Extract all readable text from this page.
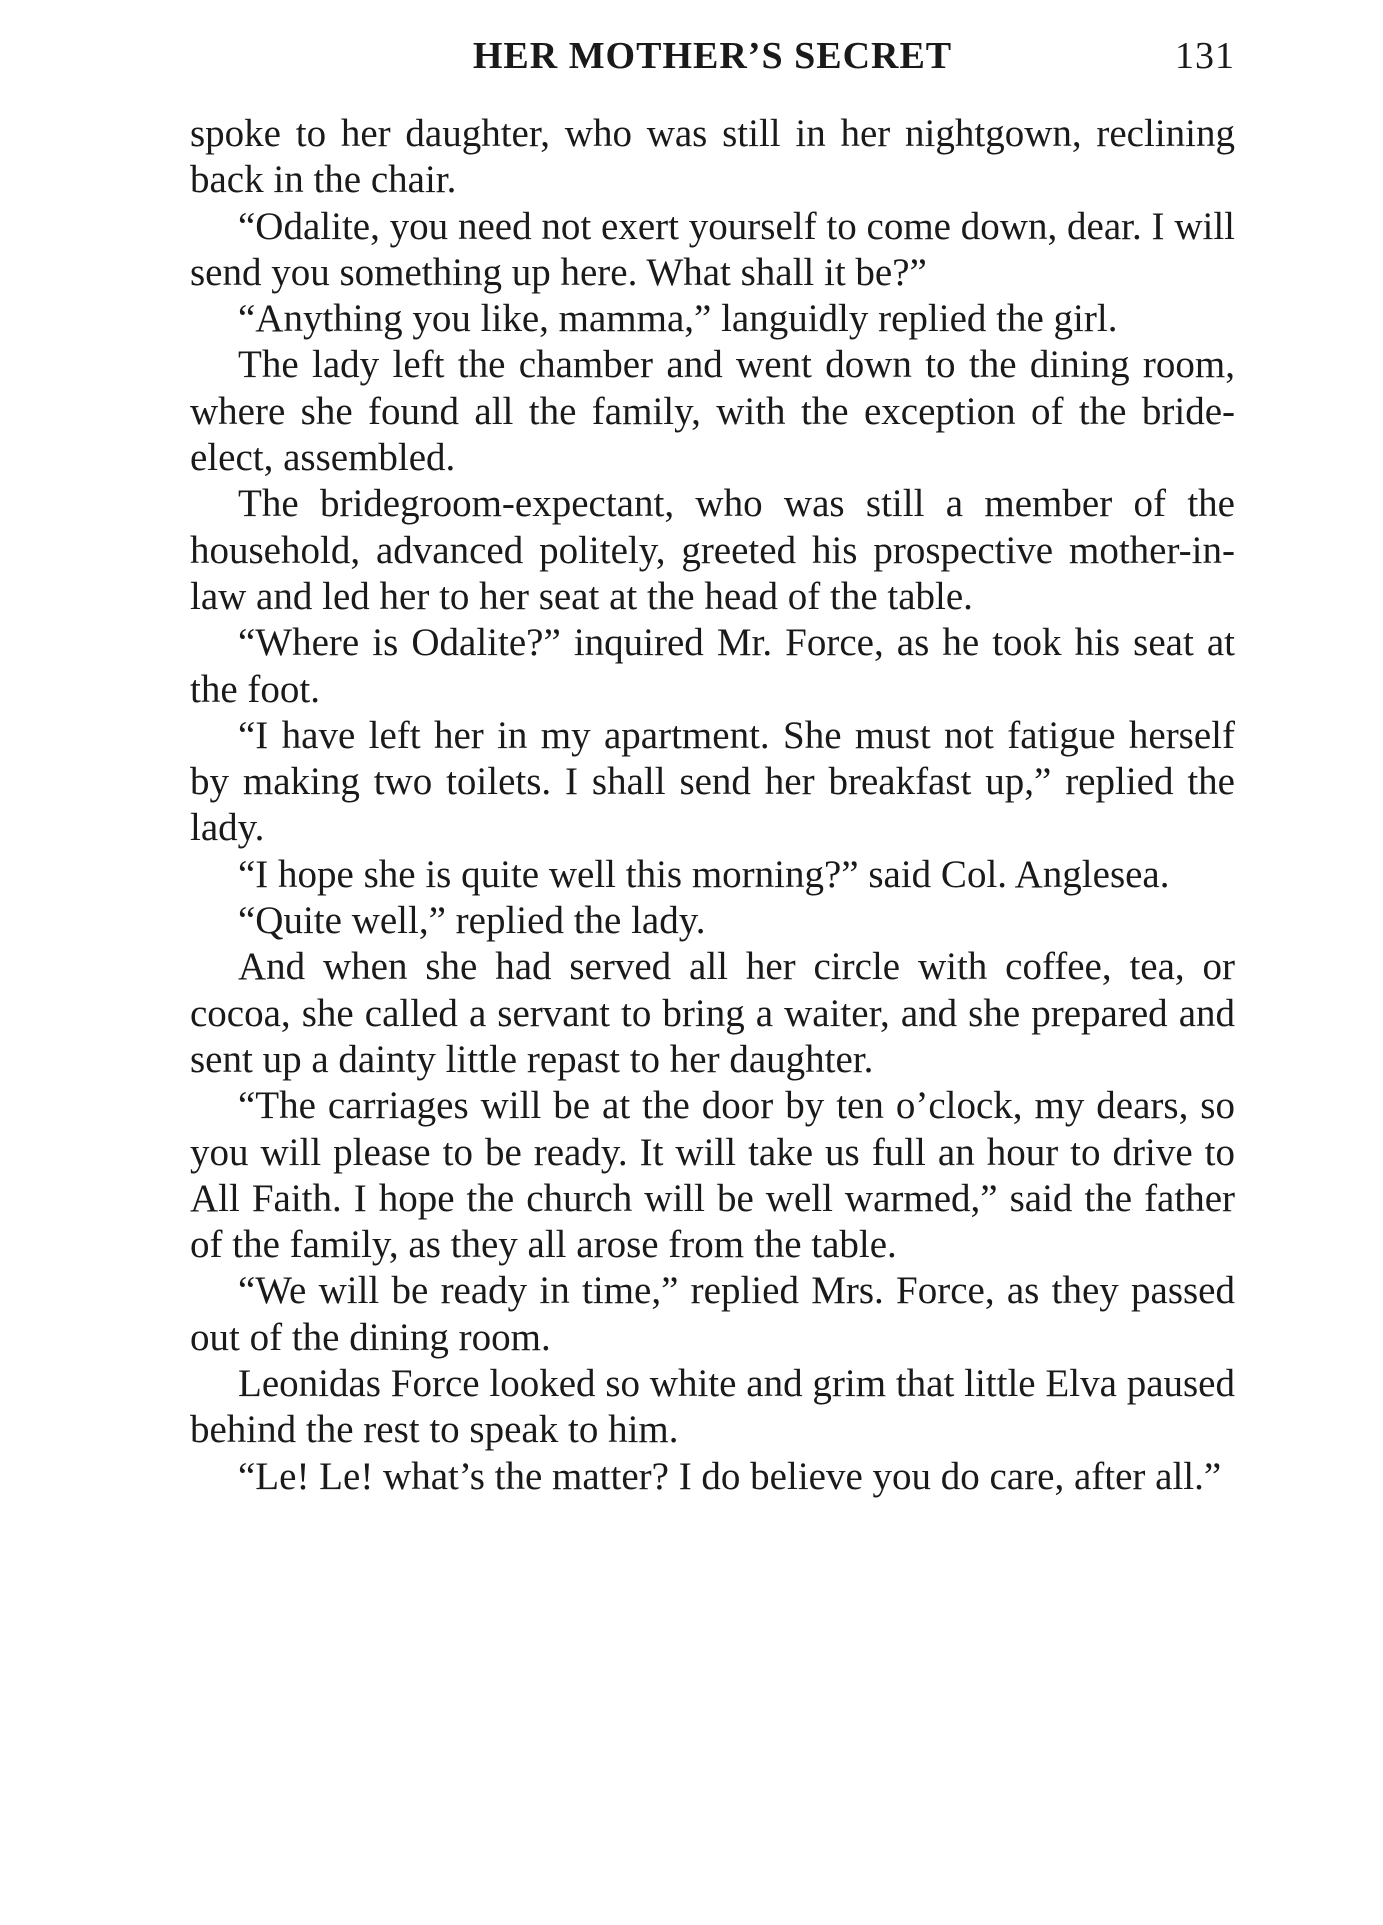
HER MOTHER’S SECRET	131

spoke to her daughter, who was still in her nightgown, reclining back in the chair.

“Odalite, you need not exert yourself to come down, dear. I will send you something up here. What shall it be?”

“Anything you like, mamma,” languidly replied the girl.

The lady left the chamber and went down to the dining room, where she found all the family, with the exception of the bride-elect, assembled.

The bridegroom-expectant, who was still a member of the household, advanced politely, greeted his prospective mother-in-law and led her to her seat at the head of the table.

“Where is Odalite?” inquired Mr. Force, as he took his seat at the foot.

“I have left her in my apartment. She must not fatigue herself by making two toilets. I shall send her breakfast up,” replied the lady.

“I hope she is quite well this morning?” said Col. Anglesea.

“Quite well,” replied the lady.

And when she had served all her circle with coffee, tea, or cocoa, she called a servant to bring a waiter, and she prepared and sent up a dainty little repast to her daughter.

“The carriages will be at the door by ten o’clock, my dears, so you will please to be ready. It will take us full an hour to drive to All Faith. I hope the church will be well warmed,” said the father of the family, as they all arose from the table.

“We will be ready in time,” replied Mrs. Force, as they passed out of the dining room.

Leonidas Force looked so white and grim that little Elva paused behind the rest to speak to him.

“Le! Le! what’s the matter? I do believe you do care, after all.”
